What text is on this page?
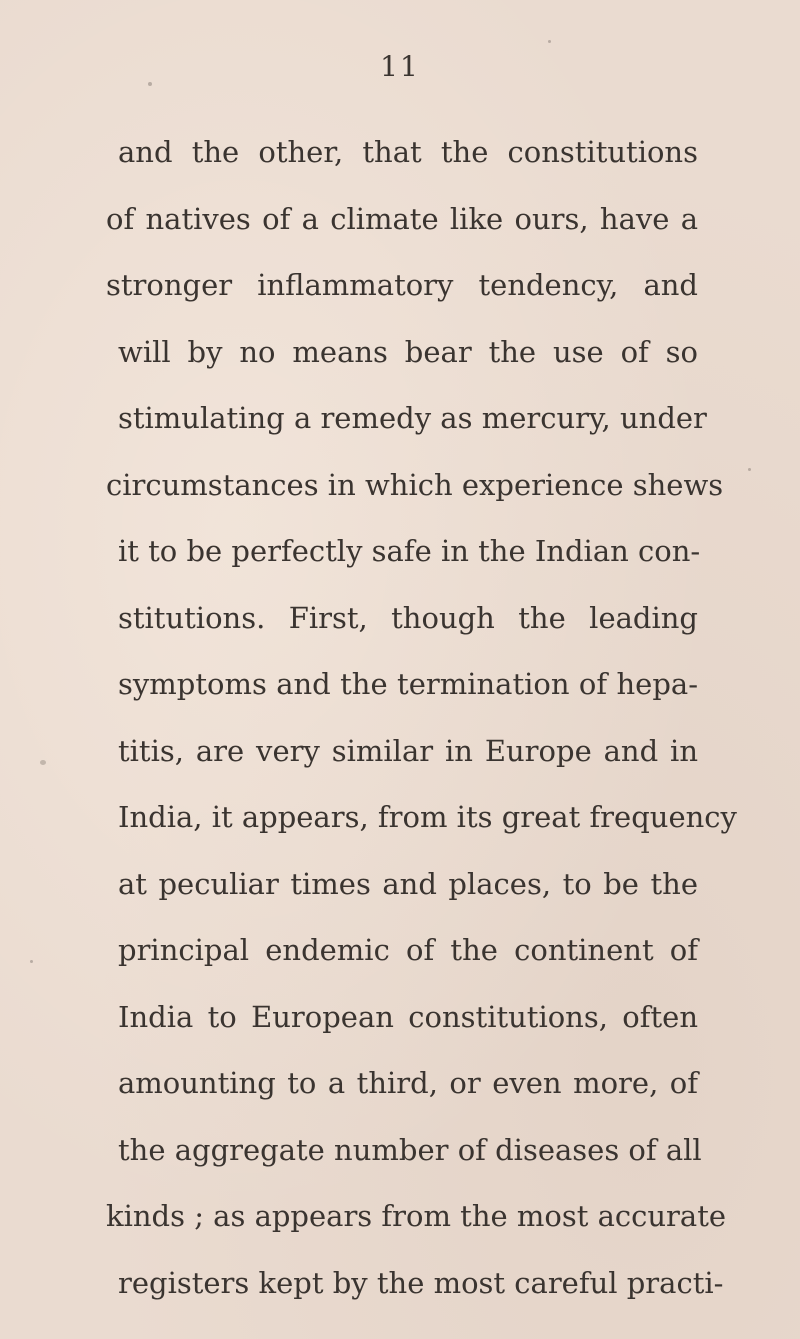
11
and the other, that the constitutions
of natives of a climate like ours, have a
stronger inflammatory tendency, and
will by no means bear the use of so
stimulating a remedy as mercury, under
circumstances in which experience shews
it to be perfectly safe in the Indian con-
stitutions. First, though the leading
symptoms and the termination of hepa-
titis, are very similar in Europe and in
India, it appears, from its great frequency
at peculiar times and places, to be the
principal endemic of the continent of
India to European constitutions, often
amounting to a third, or even more, of
the aggregate number of diseases of all
kinds ; as appears from the most accurate
registers kept by the most careful practi-
